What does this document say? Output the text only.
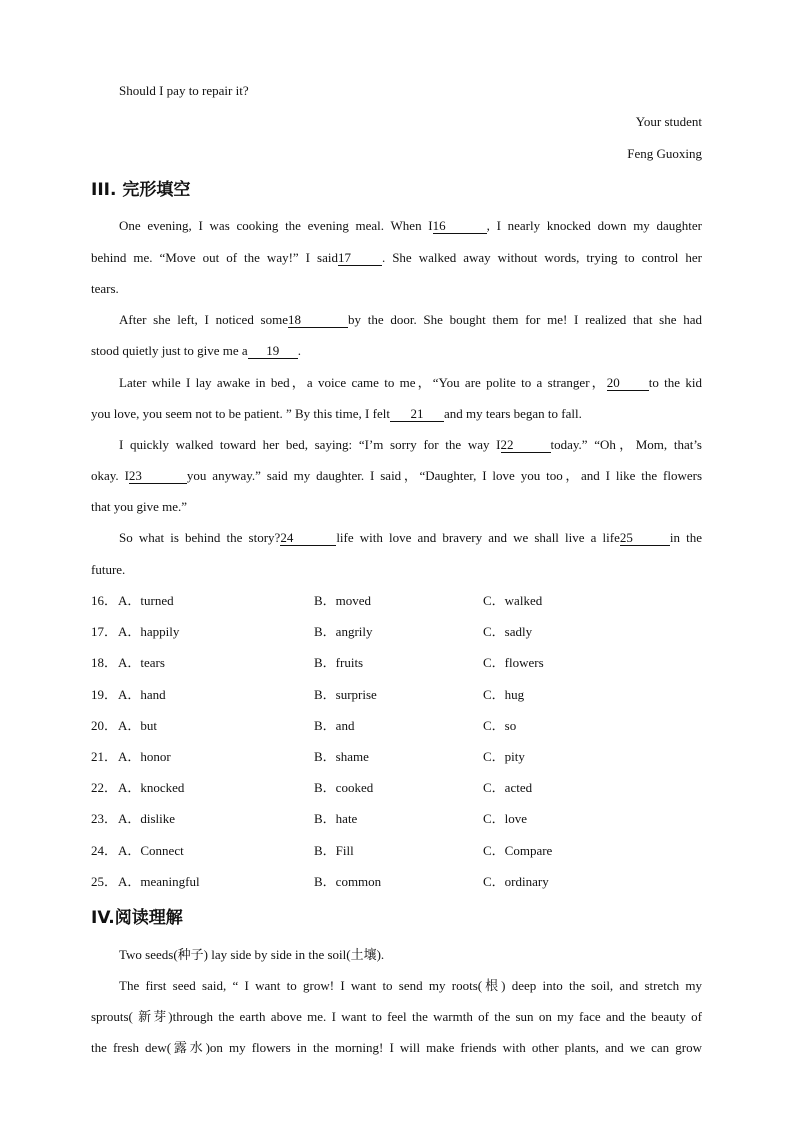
Should I pay to repair it?
Your student
Feng Guoxing
III. 完形填空
One evening, I was cooking the evening meal. When I16	, I nearly knocked down my daughter
behind me. “Move out of the way!” I said17 . She walked away without words, trying to control her
tears.
After she left, I noticed some18	by the door. She bought them for me! I realized that she had
stood quietly just to give me a 19 .
Later while I lay awake in bed，a voice came to me，“You are polite to a stranger，20 to the kid
you love, you seem not to be patient. ” By this time, I felt 21 and my tears began to fall.
I quickly walked toward her bed, saying: “I’m sorry for the way I22	today.” “Oh，Mom, that’s
okay. I23	you anyway.” said my daughter. I said，“Daughter, I love you too，and I like the flowers
that you give me.”
So what is behind the story?24	life with love and bravery and we shall live a life25	in the
future.
16． A．turned	B．moved	C．walked
17． A．happily	B．angrily	C．sadly
18． A．tears	B．fruits	C．flowers
19． A．hand	B．surprise	C．hug
20． A．but	B．and	C．so
21． A．honor	B．shame	C．pity
22． A．knocked	B．cooked	C．acted
23． A．dislike	B．hate	C．love
24． A．Connect	B．Fill	C．Compare
25． A．meaningful	B．common	C．ordinary
IV.阅读理解
Two seeds(种子) lay side by side in the soil(土壤).
The first seed said, “ I want to grow! I want to send my roots(根) deep into the soil, and stretch my
sprouts( 新芽)through the earth above me. I want to feel the warmth of the sun on my face and the beauty of
the fresh dew(露水)on my flowers in the morning! I will make friends with other plants, and we can grow
